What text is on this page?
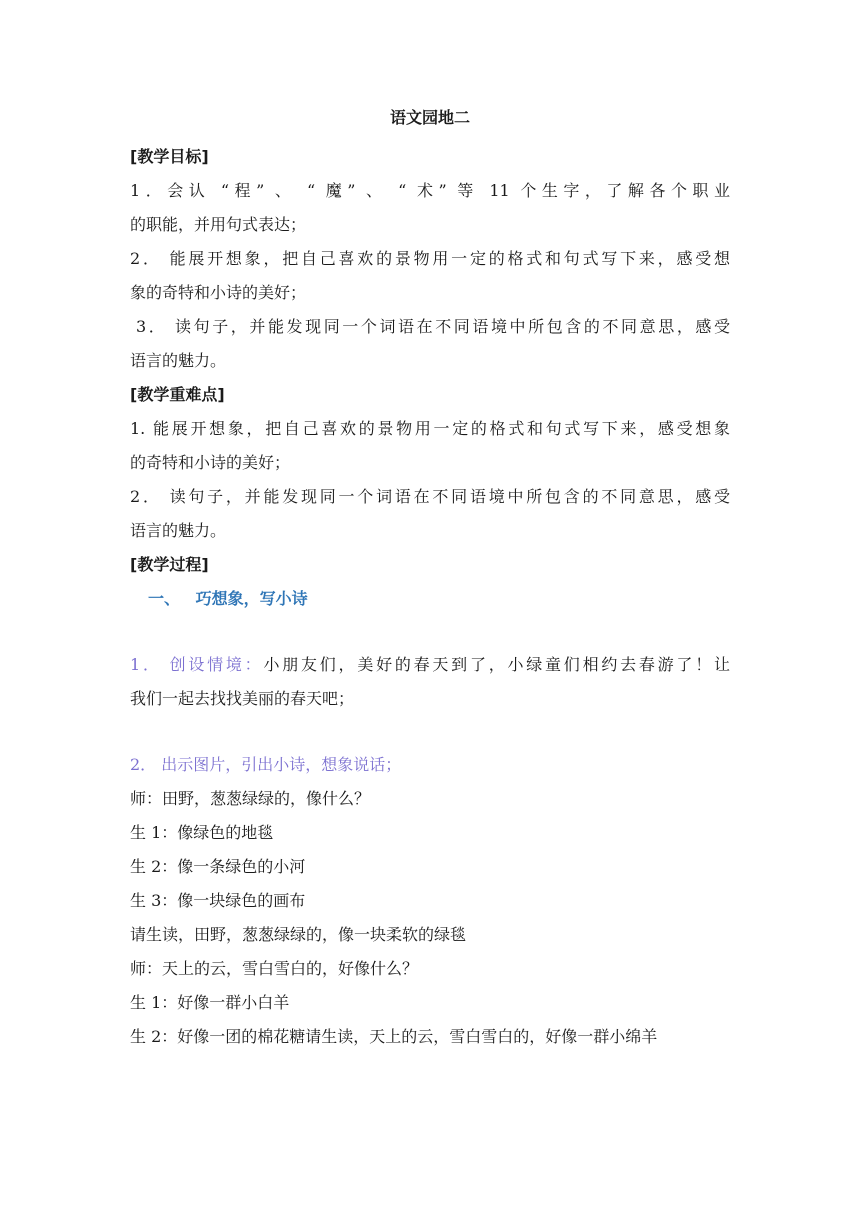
语文园地二
[教学目标]
1．会认 “程” 、 “ 魔” 、 “ 术” 等 11 个生字，了解各个职业
的职能，并用句式表达；
2． 能展开想象，把自己喜欢的景物用一定的格式和句式写下来，感受想
象的奇特和小诗的美好；
3． 读句子，并能发现同一个词语在不同语境中所包含的不同意思，感受
语言的魅力。
[教学重难点]
1. 能展开想象，把自己喜欢的景物用一定的格式和句式写下来，感受想象
的奇特和小诗的美好；
2． 读句子，并能发现同一个词语在不同语境中所包含的不同意思，感受
语言的魅力。
[教学过程]
一、 巧想象，写小诗
1． 创设情境：小朋友们，美好的春天到了，小绿童们相约去春游了！让
我们一起去找找美丽的春天吧；
2． 出示图片，引出小诗，想象说话；
师：田野，葱葱绿绿的，像什么？
生 1：像绿色的地毯
生 2：像一条绿色的小河
生 3：像一块绿色的画布
请生读，田野，葱葱绿绿的，像一块柔软的绿毯
师：天上的云，雪白雪白的，好像什么？
生 1：好像一群小白羊
生 2：好像一团的棉花糖请生读，天上的云，雪白雪白的，好像一群小绵羊
